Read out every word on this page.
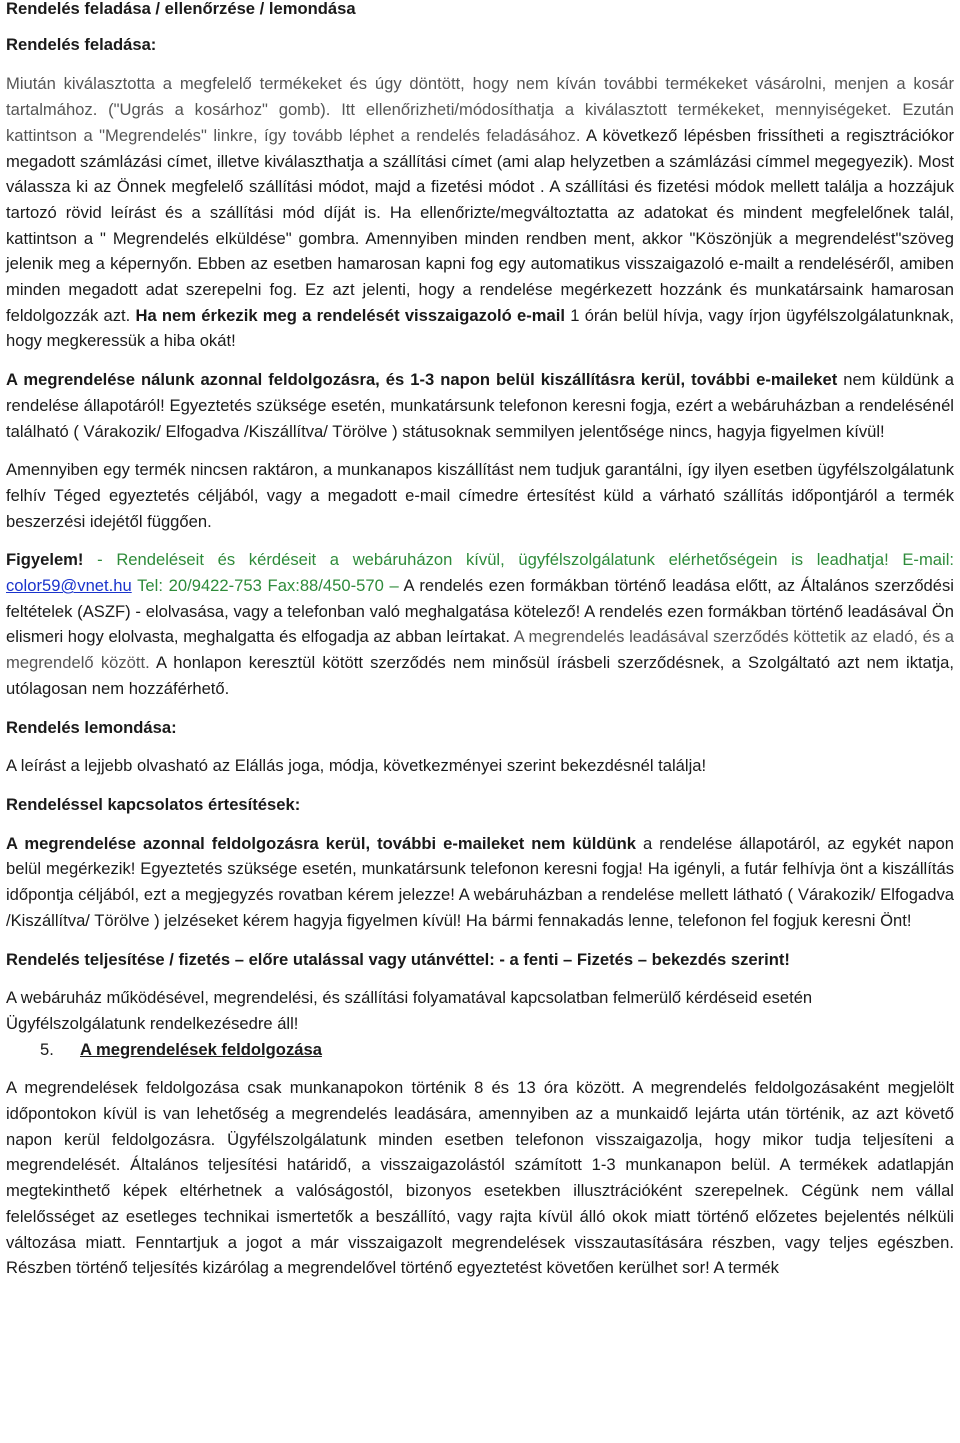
Rendelés feladása / ellenőrzése / lemondása

Rendelés feladása:

Miután kiválasztotta a megfelelő termékeket és úgy döntött, hogy nem kíván további termékeket vásárolni, menjen a kosár tartalmához. ("Ugrás a kosárhoz" gomb). Itt ellenőrizheti/módosíthatja a kiválasztott termékeket, mennyiségeket. Ezután kattintson a "Megrendelés" linkre, így tovább léphet a rendelés feladásához. A következő lépésben frissítheti a regisztrációkor megadott számlázási címet, illetve kiválaszthatja a szállítási címet (ami alap helyzetben a számlázási címmel megegyezik). Most válassza ki az Önnek megfelelő szállítási módot, majd a fizetési módot . A szállítási és fizetési módok mellett találja a hozzájuk tartozó rövid leírást és a szállítási mód díját is. Ha ellenőrizte/megváltoztatta az adatokat és mindent megfelelőnek talál, kattintson a " Megrendelés elküldése" gombra. Amennyiben minden rendben ment, akkor "Köszönjük a megrendelést"szöveg jelenik meg a képernyőn. Ebben az esetben hamarosan kapni fog egy automatikus visszaigazoló e-mailt a rendeléséről, amiben minden megadott adat szerepelni fog. Ez azt jelenti, hogy a rendelése megérkezett hozzánk és munkatársaink hamarosan feldolgozzák azt. Ha nem érkezik meg a rendelését visszaigazoló e-mail 1 órán belül hívja, vagy írjon ügyfélszolgálatunknak, hogy megkeressük a hiba okát!

A megrendelése nálunk azonnal feldolgozásra, és 1-3 napon belül kiszállításra kerül, további e-maileket nem küldünk a rendelése állapotáról! Egyeztetés szüksége esetén, munkatársunk telefonon keresni fogja, ezért a webáruházban a rendelésénél található ( Várakozik/ Elfogadva /Kiszállítva/ Törölve ) státusoknak semmilyen jelentősége nincs, hagyja figyelmen kívül!

Amennyiben egy termék nincsen raktáron, a munkanapos kiszállítást nem tudjuk garantálni, így ilyen esetben ügyfélszolgálatunk felhív Téged egyeztetés céljából, vagy a megadott e-mail címedre értesítést küld a várható szállítás időpontjáról a termék beszerzési idejétől függően.

Figyelem! - Rendeléseit és kérdéseit a webáruházon kívül, ügyfélszolgálatunk elérhetőségein is leadhatja! E-mail: color59@vnet.hu Tel: 20/9422-753 Fax:88/450-570 – A rendelés ezen formákban történő leadása előtt, az Általános szerződési feltételek (ASZF) - elolvasása, vagy a telefonban való meghalgatása kötelező! A rendelés ezen formákban történő leadásával Ön elismeri hogy elolvasta, meghalgatta és elfogadja az abban leírtakat. A megrendelés leadásával szerződés köttetik az eladó, és a megrendelő között. A honlapon keresztül kötött szerződés nem minősül írásbeli szerződésnek, a Szolgáltató azt nem iktatja, utólagosan nem hozzáférhető.

Rendelés lemondása:

A leírást a lejjebb olvasható az Elállás joga, módja, következményei szerint bekezdésnél találja!

Rendeléssel kapcsolatos értesítések:

A megrendelése azonnal feldolgozásra kerül, további e-maileket nem küldünk a rendelése állapotáról, az egykét napon belül megérkezik! Egyeztetés szüksége esetén, munkatársunk telefonon keresni fogja! Ha igényli, a futár felhívja önt a kiszállítás időpontja céljából, ezt a megjegyzés rovatban kérem jelezze! A webáruházban a rendelése mellett látható ( Várakozik/ Elfogadva /Kiszállítva/ Törölve ) jelzéseket kérem hagyja figyelmen kívül! Ha bármi fennakadás lenne, telefonon fel fogjuk keresni Önt!

Rendelés teljesítése / fizetés – előre utalással vagy utánvéttel: - a fenti – Fizetés – bekezdés szerint!

A webáruház működésével, megrendelési, és szállítási folyamatával kapcsolatban felmerülő kérdéseid esetén Ügyfélszolgálatunk rendelkezésedre áll!

5. A megrendelések feldolgozása

A megrendelések feldolgozása csak munkanapokon történik 8 és 13 óra között. A megrendelés feldolgozásaként megjelölt időpontokon kívül is van lehetőség a megrendelés leadására, amennyiben az a munkaidő lejárta után történik, az azt követő napon kerül feldolgozásra. Ügyfélszolgálatunk minden esetben telefonon visszaigazolja, hogy mikor tudja teljesíteni a megrendelését. Általános teljesítési határidő, a visszaigazolástól számított 1-3 munkanapon belül. A termékek adatlapján megtekinthető képek eltérhetnek a valóságostól, bizonyos esetekben illusztrációként szerepelnek. Cégünk nem vállal felelősséget az esetleges technikai ismertetők a beszállító, vagy rajta kívül álló okok miatt történő előzetes bejelentés nélküli változása miatt. Fenntartjuk a jogot a már visszaigazolt megrendelések visszautasítására részben, vagy teljes egészben. Részben történő teljesítés kizárólag a megrendelővel történő egyeztetést követően kerülhet sor! A termék
